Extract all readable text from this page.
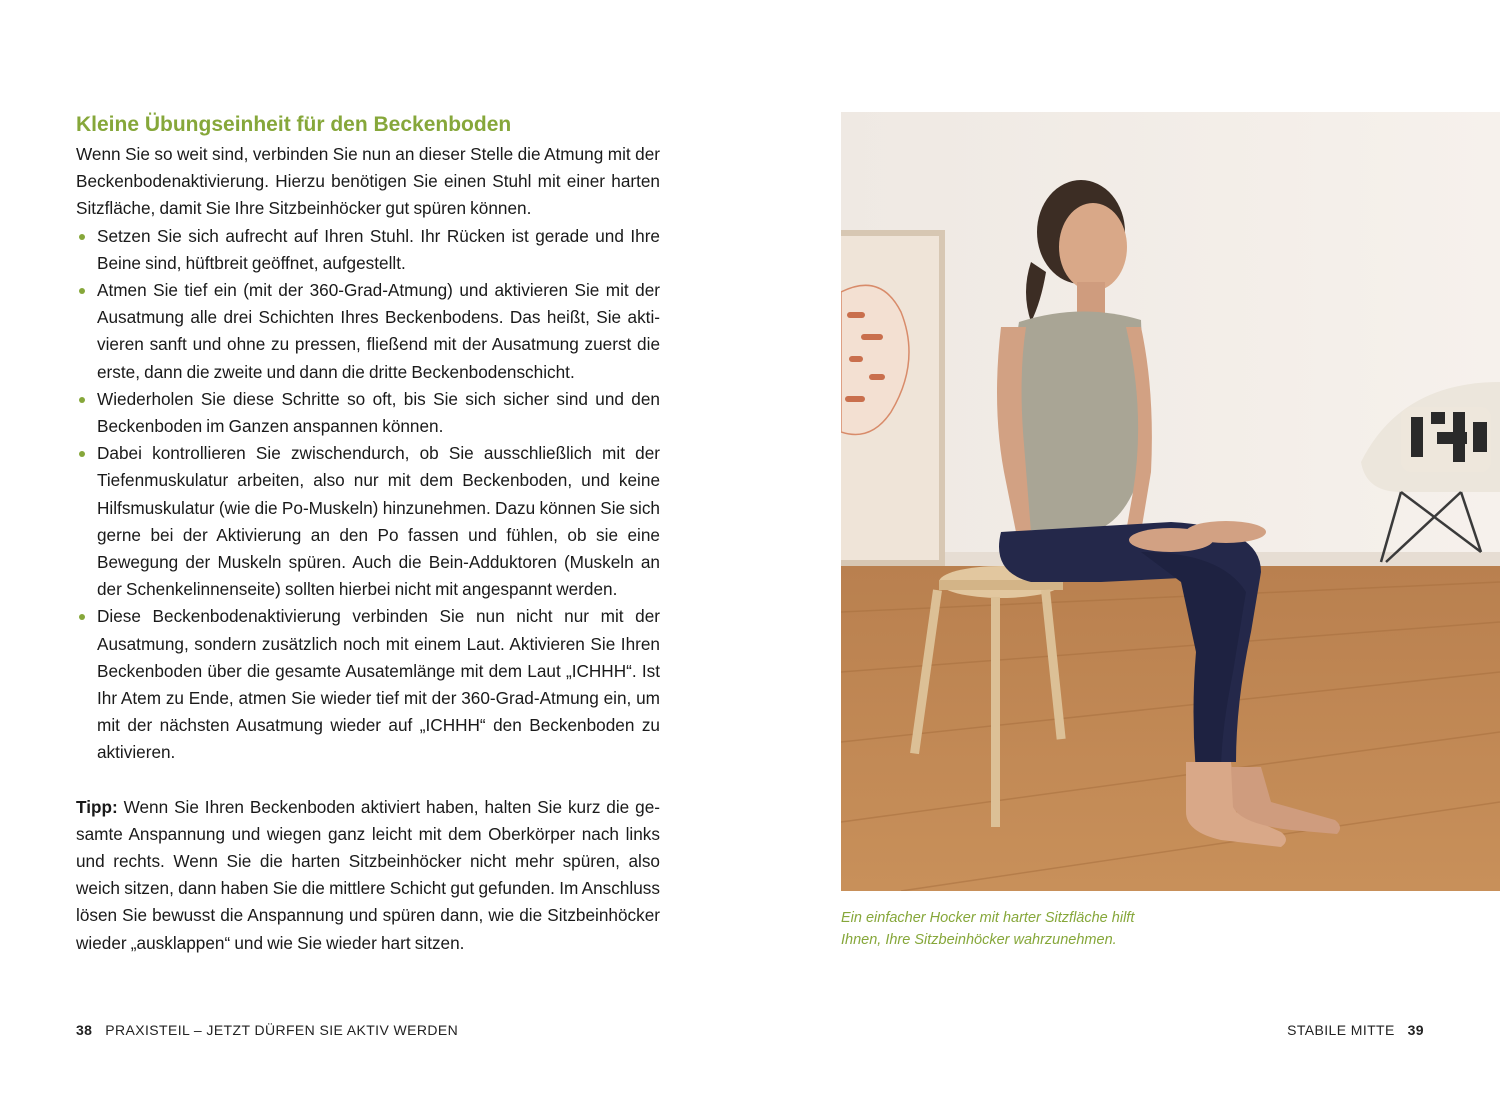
Kleine Übungseinheit für den Beckenboden

Wenn Sie so weit sind, verbinden Sie nun an dieser Stelle die Atmung mit der Beckenbodenaktivierung. Hierzu benötigen Sie einen Stuhl mit einer harten Sitzfläche, damit Sie Ihre Sitzbeinhöcker gut spüren können.

Setzen Sie sich aufrecht auf Ihren Stuhl. Ihr Rücken ist gerade und Ihre Beine sind, hüftbreit geöffnet, aufgestellt.
Atmen Sie tief ein (mit der 360-Grad-Atmung) und aktivieren Sie mit der Ausatmung alle drei Schichten Ihres Beckenbodens. Das heißt, Sie aktivieren sanft und ohne zu pressen, fließend mit der Ausatmung zuerst die erste, dann die zweite und dann die dritte Beckenbodenschicht.
Wiederholen Sie diese Schritte so oft, bis Sie sich sicher sind und den Beckenboden im Ganzen anspannen können.
Dabei kontrollieren Sie zwischendurch, ob Sie ausschließlich mit der Tiefenmuskulatur arbeiten, also nur mit dem Beckenboden, und keine Hilfsmuskulatur (wie die Po-Muskeln) hinzunehmen. Dazu können Sie sich gerne bei der Aktivierung an den Po fassen und fühlen, ob sie eine Bewegung der Muskeln spüren. Auch die Bein-Adduktoren (Muskeln an der Schenkelinnenseite) sollten hierbei nicht mit angespannt werden.
Diese Beckenbodenaktivierung verbinden Sie nun nicht nur mit der Ausatmung, sondern zusätzlich noch mit einem Laut. Aktivieren Sie Ihren Beckenboden über die gesamte Ausatemlänge mit dem Laut „ICHHH“. Ist Ihr Atem zu Ende, atmen Sie wieder tief mit der 360-Grad-Atmung ein, um mit der nächsten Ausatmung wieder auf „ICHHH“ den Beckenboden zu aktivieren.

Tipp: Wenn Sie Ihren Beckenboden aktiviert haben, halten Sie kurz die gesamte Anspannung und wiegen ganz leicht mit dem Oberkörper nach links und rechts. Wenn Sie die harten Sitzbeinhöcker nicht mehr spüren, also weich sitzen, dann haben Sie die mittlere Schicht gut gefunden. Im Anschluss lösen Sie bewusst die Anspannung und spüren dann, wie die Sitzbeinhöcker wieder „ausklappen“ und wie Sie wieder hart sitzen.

Ein einfacher Hocker mit harter Sitzfläche hilft Ihnen, Ihre Sitzbeinhöcker wahrzunehmen.
38 PRAXISTEIL – JETZT DÜRFEN SIE AKTIV WERDEN	STABILE MITTE 39
